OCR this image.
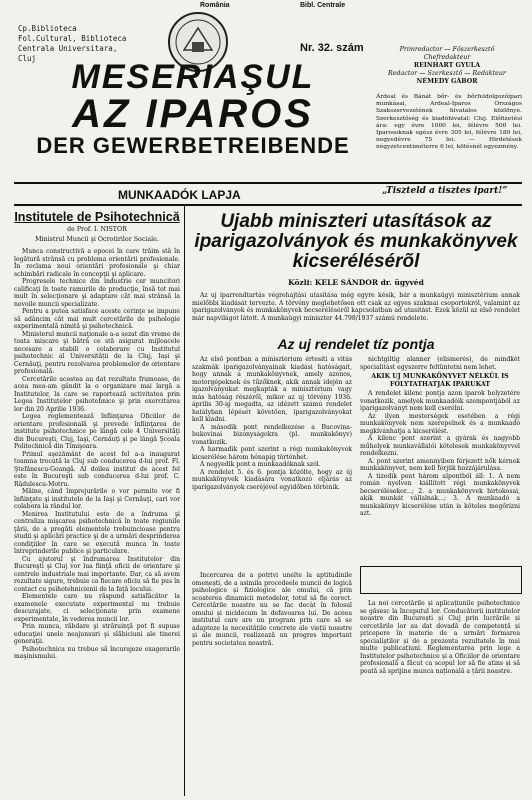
Cp.Biblioteca Fol.Cultural, Biblioteca Centrala Universitara, Cluj
România	Bibl. Centrale
Nr. 32. szám	Primredactor — Főszerkesztő
Chefredakteur
REINHART GYULA
Redactor — Szerkesztő — Redakteur
NÉMEDY GÁBOR
MESERIAŞUL
AZ IPAROS
DER GEWERBETREIBENDE
Árdeal és Bánát bőr- és bőrfeldolgozóipari munkásai, Ardeal-Iparos Országos Szakszervezetének hivatalos közlönye. Szerkesztőség és kiadóhivatal: Cluj. Előfizetési ára: egy évre 1000 lei, félévre 500 lei. Iparosoknak egész évre 305 lei, félévre 180 lei, negyedévre 75 lei. — Hirdetések négyzetcentiméterre 6 lei, kötésnél egyezmény.
MUNKAADÓK LAPJA	„Tiszteld a tisztes ipart!”
Institutele de Psihotechnică
de Prof. I. NISTOR
Ministrul Muncii şi Ocrotirilor Sociale.

Munca constructivă a epocei în care trăim stă în legătură strânsă cu problema orientării profesionale. În reclama noui orientări profesionale şi chiar schimbări radicale în concepţii şi aplicare.

Progresele technice din industrie cer muncitori calificaţi în toate ramurile de producţie, însă tot mai mult în selecţionare şi adaptare căt mai strânsă la nevoile muncii specializate.

Pentru a putea satisface aceste cerinţe se impune să adâncim căt mai mult cercetările de psihologie experimentală nimită şi psihotechnică.

Ministerul muncii naţionale a-a sezat din vreme de toata mișcare şi bătrâ ce stă asigurat mijloacele necesare a stabili o colaborare cu Institutul psihotechnic al Universității de la Cluj, Iași şi Cernăuţi, pentru rezolvarea problemelor de orientare profesională.

Cercetările acestea au dat rezultate frumoase, de acea mea-am gândit la o organizare mai largă a Institutelor, la care se raportează activitatea prin Legea Institutelor psihotehnice şi prin exercitarea lor din 20 Aprilie 1936.

Legea reglementează înfiinţarea Oficiilor de orientare profesională şi prevede înfiinţarea de institute psihotechnice pe lângă cele 4 Universităţi din Bucureşti, Cluj, Iaşi, Cernăuţi şi pe lângă Şcoala Politechnică din Timişoara.

Primul aşezământ de acest fel a-a inaugurat toamna trecută la Cluj sub conducerea d-lui prof. Fl. Ştefănescu-Goangă. Al doilea institut de acest fel este în Bucureşti sub conducerea d-lui prof. C. Rădulescu-Motru.

Măine, când împrejurările o vor permite vor fi înfiinţate şi institutele de la Iaşi şi Cernăuţi, cari vor colabora la rândul lor.

Menirea Institutului este de a îndruma şi centraliza mişcarea psihotechnică în toate regiunile ţării, de a pregăti elementele trebuincioase pentru studii şi aplicări practice şi de a urmări desprinderea condiţiilor în care se execută munca în toate întreprinderile publice şi particulare.

Cu ajutorul şi îndrumarea Institutelor din Bucureşti şi Cluj vor lua fiinţă oficii de orientare şi centrele industriale mai importante. Dar, ca să avem rezultate sigure, trebuie ca fiecare oficiu să fie pus în contact cu psihotehnicienii de la faţă locului.

Elementele care nu răspund satisfăcător la examenele executate experimental nu trebuie descurajate, ci selecţionate prin examene experimentale, în vederea muncii lor.

Prin munca, răbdare şi străruinţă pot fi supuse educaţiei unele neajunsuri şi slăbiciuni ale tinerei generaţii.

Psihotechnica nu trebue să încurajeze exagerarile maşinismului.

Ujabb miniszteri utasítások az iparigazolványok és munkakönyvek kicserélésérõl
Közli: KELE SÁNDOR dr. ügyvéd

Az uj iparrendtartás végrehajtási utasítása még egyre késik, bár a munkaügyi minisztérium annak mielőbbi kiadását tervezte. A törvény meglehetősen ott csak az egyes szakmai csoportokról, valamint az iparigazolványok és munkakönyvek becseréléséről kapcsolatban ad utasítást. Ezek közül az első rendelet már napvilágot látott. A munkaügyi miniszter 44.798/1937 számú rendelete.

Az uj rendelet tíz pontja

Az első pontban a minisztérium értesíti a vitás szakmák iparigazolványainak kiadási hatóságait, hogy annak a munkakönyvnek, amely azonos, motorgépeknek és tűzőknek, akik annak idején az igazolványukat megkapták a minisztérium vagy más hatóság részéről, mikor az uj törvény 1936. április 30-ig megadta, az idézett számú rendelet hatályban lépését követően, iparigazolványokat kell kiadni.

A második pont rendelkezése a Bucovina-bukovinai bizonyságokra (pl. munkakönyv) vonatkozik.

A harmadik pont szerint a régi munkakönyvek kicserélése három hónapig történhet.

A negyedik pont a munkaadóknak szól.

A rendelet 5. és 6. pontja közölte, hogy az új munkakönyvek kiadására vonatkozó eljárás az iparigazolványok cseréjével egyidőben történik.

nichtgiltig alanner (elismerés), de mindkét specialitást egyszerre feltüntetni nem lehet.

AKIK UJ MUNKAKÖNYVET NÉLKÜL IS FOLYTATHATJÁK IPARUKAT

A rendelet kilenc pontja azon iparok helyzetére vonatkozik, amelyek munkaadóik szempontjából az iparigazolványt nem kell cserélni.

Az ilyen mesterségek esetében a régi munkakönyvek nem szerepelnek és a munkaadó megkívánhatja a kicserélést.

A kilenc pont szerint a gyárak és nagyobb műhelyek munkavállalói kötelesek munkakönyvvel rendelkezni.

A. pont szerint amennyiben férjezett nők kérnek munkakönyvet, nem kell férjük hozzájárulása.

A tizedik pont három alpontból áll: 1. A nem román nyelven kiállított régi munkakönyvek becserélésekor...; 2. a munkakönyvek birtokosai, akik munkát vállalnak...; 3. A munkaadó a munkakönyv kicserélése után is köteles megőrizni azt.

Incercarea de a potrivi unelte la aptitudinile omenești, de a asimila procedeele muncii de logică psihologice și fiziologice ale omului, că prin scoaterea dinamicii metodelor, totul să fie corect. Cercetările noastre nu se fac decât în folosul omului și nicidecum în defavoarea lui. De aceea institutul care are un program prin care să se adapteze la necesitățile concrete ale vieții noastre și ale muncii, realizează un progres important pentru societatea noastră.

La noi cercetările și aplicațiunile psihotechnice se găsesc la începutul lor. Conducătorii institutelor noastre din București și Cluj prin lucrările și cercetările lor au dat dovadă de competență și pricepere în materie de a urmări formarea specialiștilor și de a prezenta rezultatele în mai multe publicațiuni. Reglementarea prin lege a Institutelor psihotechnice și a Oficiilor de orientare profesională a făcut ca scopul lor să fie atins și să poată să sprijine munca națională a țării noastre.
